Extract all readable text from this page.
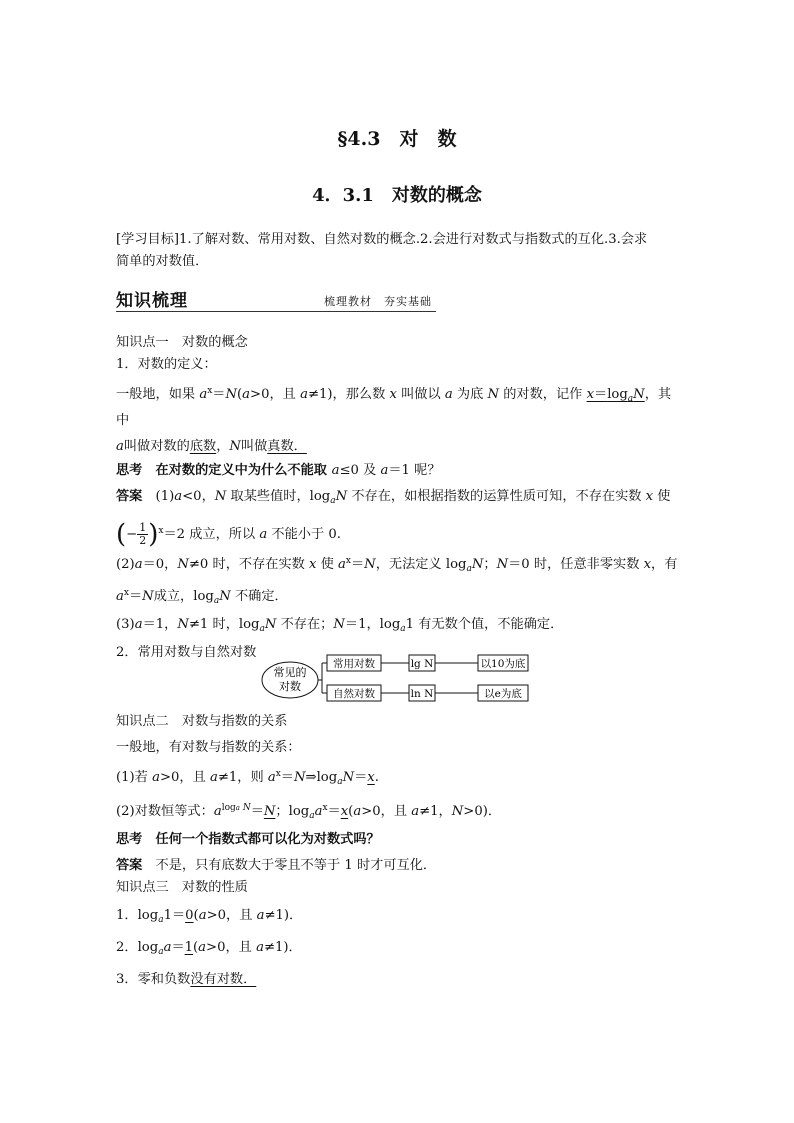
§4.3　对　数
4．3.1　对数的概念
[学习目标]1.了解对数、常用对数、自然对数的概念.2.会进行对数式与指数式的互化.3.会求
简单的对数值．
知识梳理	梳理教材　夯实基础
知识点一　对数的概念
1．对数的定义：
一般地，如果 $a^x=N(a>0$，且 a≠1)，那么数 x 叫做以 a 为底 N 的对数，记作 $x=\log_aN$，其中
a叫做对数的底数，N叫做真数．
思考　在对数的定义中为什么不能取 a≤0 及 a＝1 呢？
答案　(1)a<0，N 取某些值时，$\log_aN$ 不存在，如根据指数的运算性质可知，不存在实数 x 使
(− $\frac{1}{2} )^x=2$ 成立，所以 a 不能小于 0.
(2)a＝0，N≠0 时，不存在实数 x 使 $a^x=N$，无法定义 $\log_aN$；N＝0 时，任意非零实数 x，有
$a^x=N$成立，$\log_aN$ 不确定．
(3)a＝1，N≠1 时，$\log_aN$ 不存在；N＝1，$\log_a1$ 有无数个值，不能确定．
2．常用对数与自然对数
常见的
对数
常用对数	lg N	以10为底
自然对数	ln N	以e为底
知识点二　对数与指数的关系
一般地，有对数与指数的关系：
(1)若 a>0，且 a≠1，则 $a^x=N\Rightarrow\log_aN=x$.
(2)对数恒等式：$a^{loga N}=N$；$\log_aa^x=x(a>0$，且 a≠1，N>0)．
思考　任何一个指数式都可以化为对数式吗？
答案　不是，只有底数大于零且不等于 1 时才可互化．
知识点三　对数的性质
1．$\log_a1=0(a>0$，且 a≠1)．
2．$\log_aa=1(a>0$，且 a≠1)．
3．零和负数没有对数．
